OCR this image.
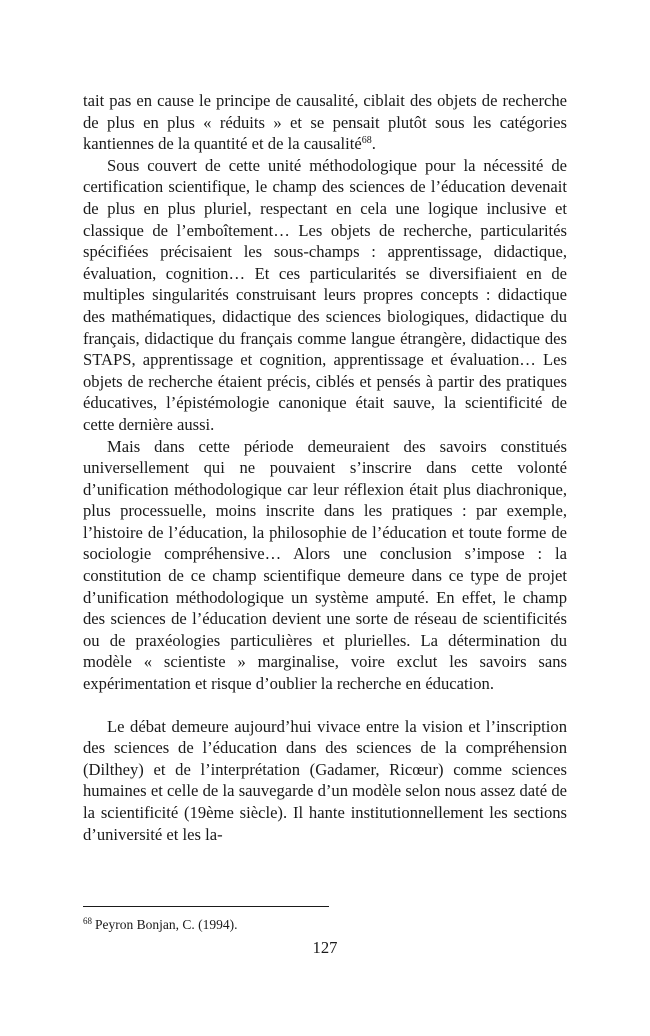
tait pas en cause le principe de causalité, ciblait des objets de recherche de plus en plus « réduits » et se pensait plutôt sous les catégories kantiennes de la quantité et de la causalité$^{68}$.

Sous couvert de cette unité méthodologique pour la nécessité de certification scientifique, le champ des sciences de l’éducation devenait de plus en plus pluriel, respectant en cela une logique inclusive et classique de l’emboîtement… Les objets de recherche, particularités spécifiées précisaient les sous-champs : apprentissage, didactique, évaluation, cognition… Et ces particularités se diversifiaient en de multiples singularités construisant leurs propres concepts : didactique des mathématiques, didactique des sciences biologiques, didactique du français, didactique du français comme langue étrangère, didactique des STAPS, apprentissage et cognition, apprentissage et évaluation… Les objets de recherche étaient précis, ciblés et pensés à partir des pratiques éducatives, l’épistémologie canonique était sauve, la scientificité de cette dernière aussi.

Mais dans cette période demeuraient des savoirs constitués universellement qui ne pouvaient s’inscrire dans cette volonté d’unification méthodologique car leur réflexion était plus diachronique, plus processuelle, moins inscrite dans les pratiques : par exemple, l’histoire de l’éducation, la philosophie de l’éducation et toute forme de sociologie compréhensive… Alors une conclusion s’impose : la constitution de ce champ scientifique demeure dans ce type de projet d’unification méthodologique un système amputé. En effet, le champ des sciences de l’éducation devient une sorte de réseau de scientificités ou de praxéologies particulières et plurielles. La détermination du modèle « scientiste » marginalise, voire exclut les savoirs sans expérimentation et risque d’oublier la recherche en éducation.

Le débat demeure aujourd’hui vivace entre la vision et l’inscription des sciences de l’éducation dans des sciences de la compréhension (Dilthey) et de l’interprétation (Gadamer, Ricœur) comme sciences humaines et celle de la sauvegarde d’un modèle selon nous assez daté de la scientificité (19ème siècle). Il hante institutionnellement les sections d’université et les la-

$^{68}$ Peyron Bonjan, C. (1994).
127
